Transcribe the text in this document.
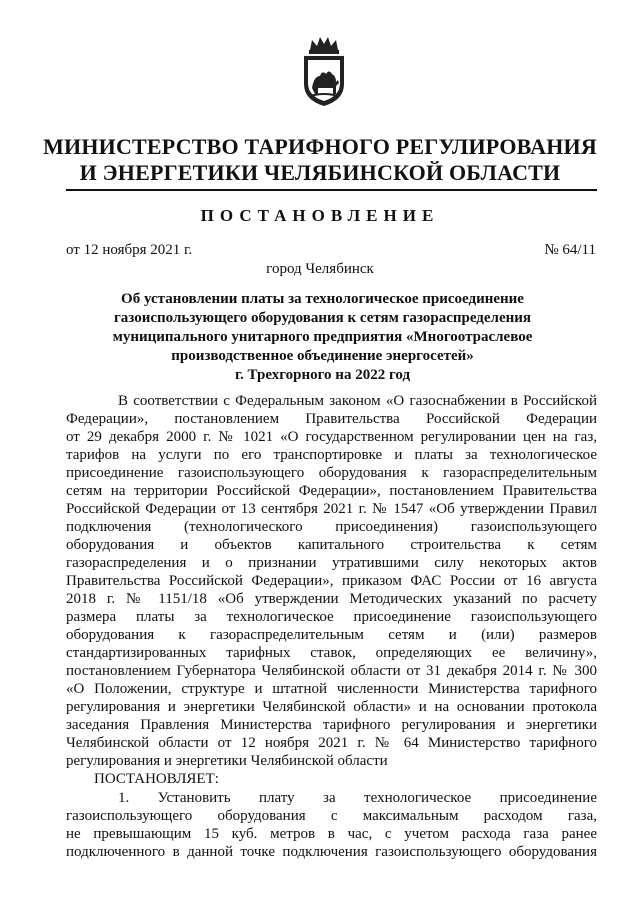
МИНИСТЕРСТВО ТАРИФНОГО РЕГУЛИРОВАНИЯ
И ЭНЕРГЕТИКИ ЧЕЛЯБИНСКОЙ ОБЛАСТИ
ПОСТАНОВЛЕНИЕ
от 12 ноября 2021 г.	№ 64/11
город Челябинск
Об установлении платы за технологическое присоединение
газоиспользующего оборудования к сетям газораспределения
муниципального унитарного предприятия «Многоотраслевое
производственное объединение энергосетей»
г. Трехгорного на 2022 год
В соответствии с Федеральным законом «О газоснабжении в Российской
Федерации», постановлением Правительства Российской Федерации
от 29 декабря 2000 г. № 1021 «О государственном регулировании цен на газ,
тарифов на услуги по его транспортировке и платы за технологическое
присоединение газоиспользующего оборудования к газораспределительным
сетям на территории Российской Федерации», постановлением Правительства
Российской Федерации от 13 сентября 2021 г. № 1547 «Об утверждении Правил
подключения (технологического присоединения) газоиспользующего
оборудования и объектов капитального строительства к сетям
газораспределения и о признании утратившими силу некоторых актов
Правительства Российской Федерации», приказом ФАС России от 16 августа
2018 г. № 1151/18 «Об утверждении Методических указаний по расчету
размера платы за технологическое присоединение газоиспользующего
оборудования к газораспределительным сетям и (или) размеров
стандартизированных тарифных ставок, определяющих ее величину»,
постановлением Губернатора Челябинской области от 31 декабря 2014 г. № 300
«О Положении, структуре и штатной численности Министерства тарифного
регулирования и энергетики Челябинской области» и на основании протокола
заседания Правления Министерства тарифного регулирования и энергетики
Челябинской области от 12 ноября 2021 г. № 64 Министерство тарифного
регулирования и энергетики Челябинской области
ПОСТАНОВЛЯЕТ:
1. Установить плату за технологическое присоединение
газоиспользующего оборудования с максимальным расходом газа,
не превышающим 15 куб. метров в час, с учетом расхода газа ранее
подключенного в данной точке подключения газоиспользующего оборудования
